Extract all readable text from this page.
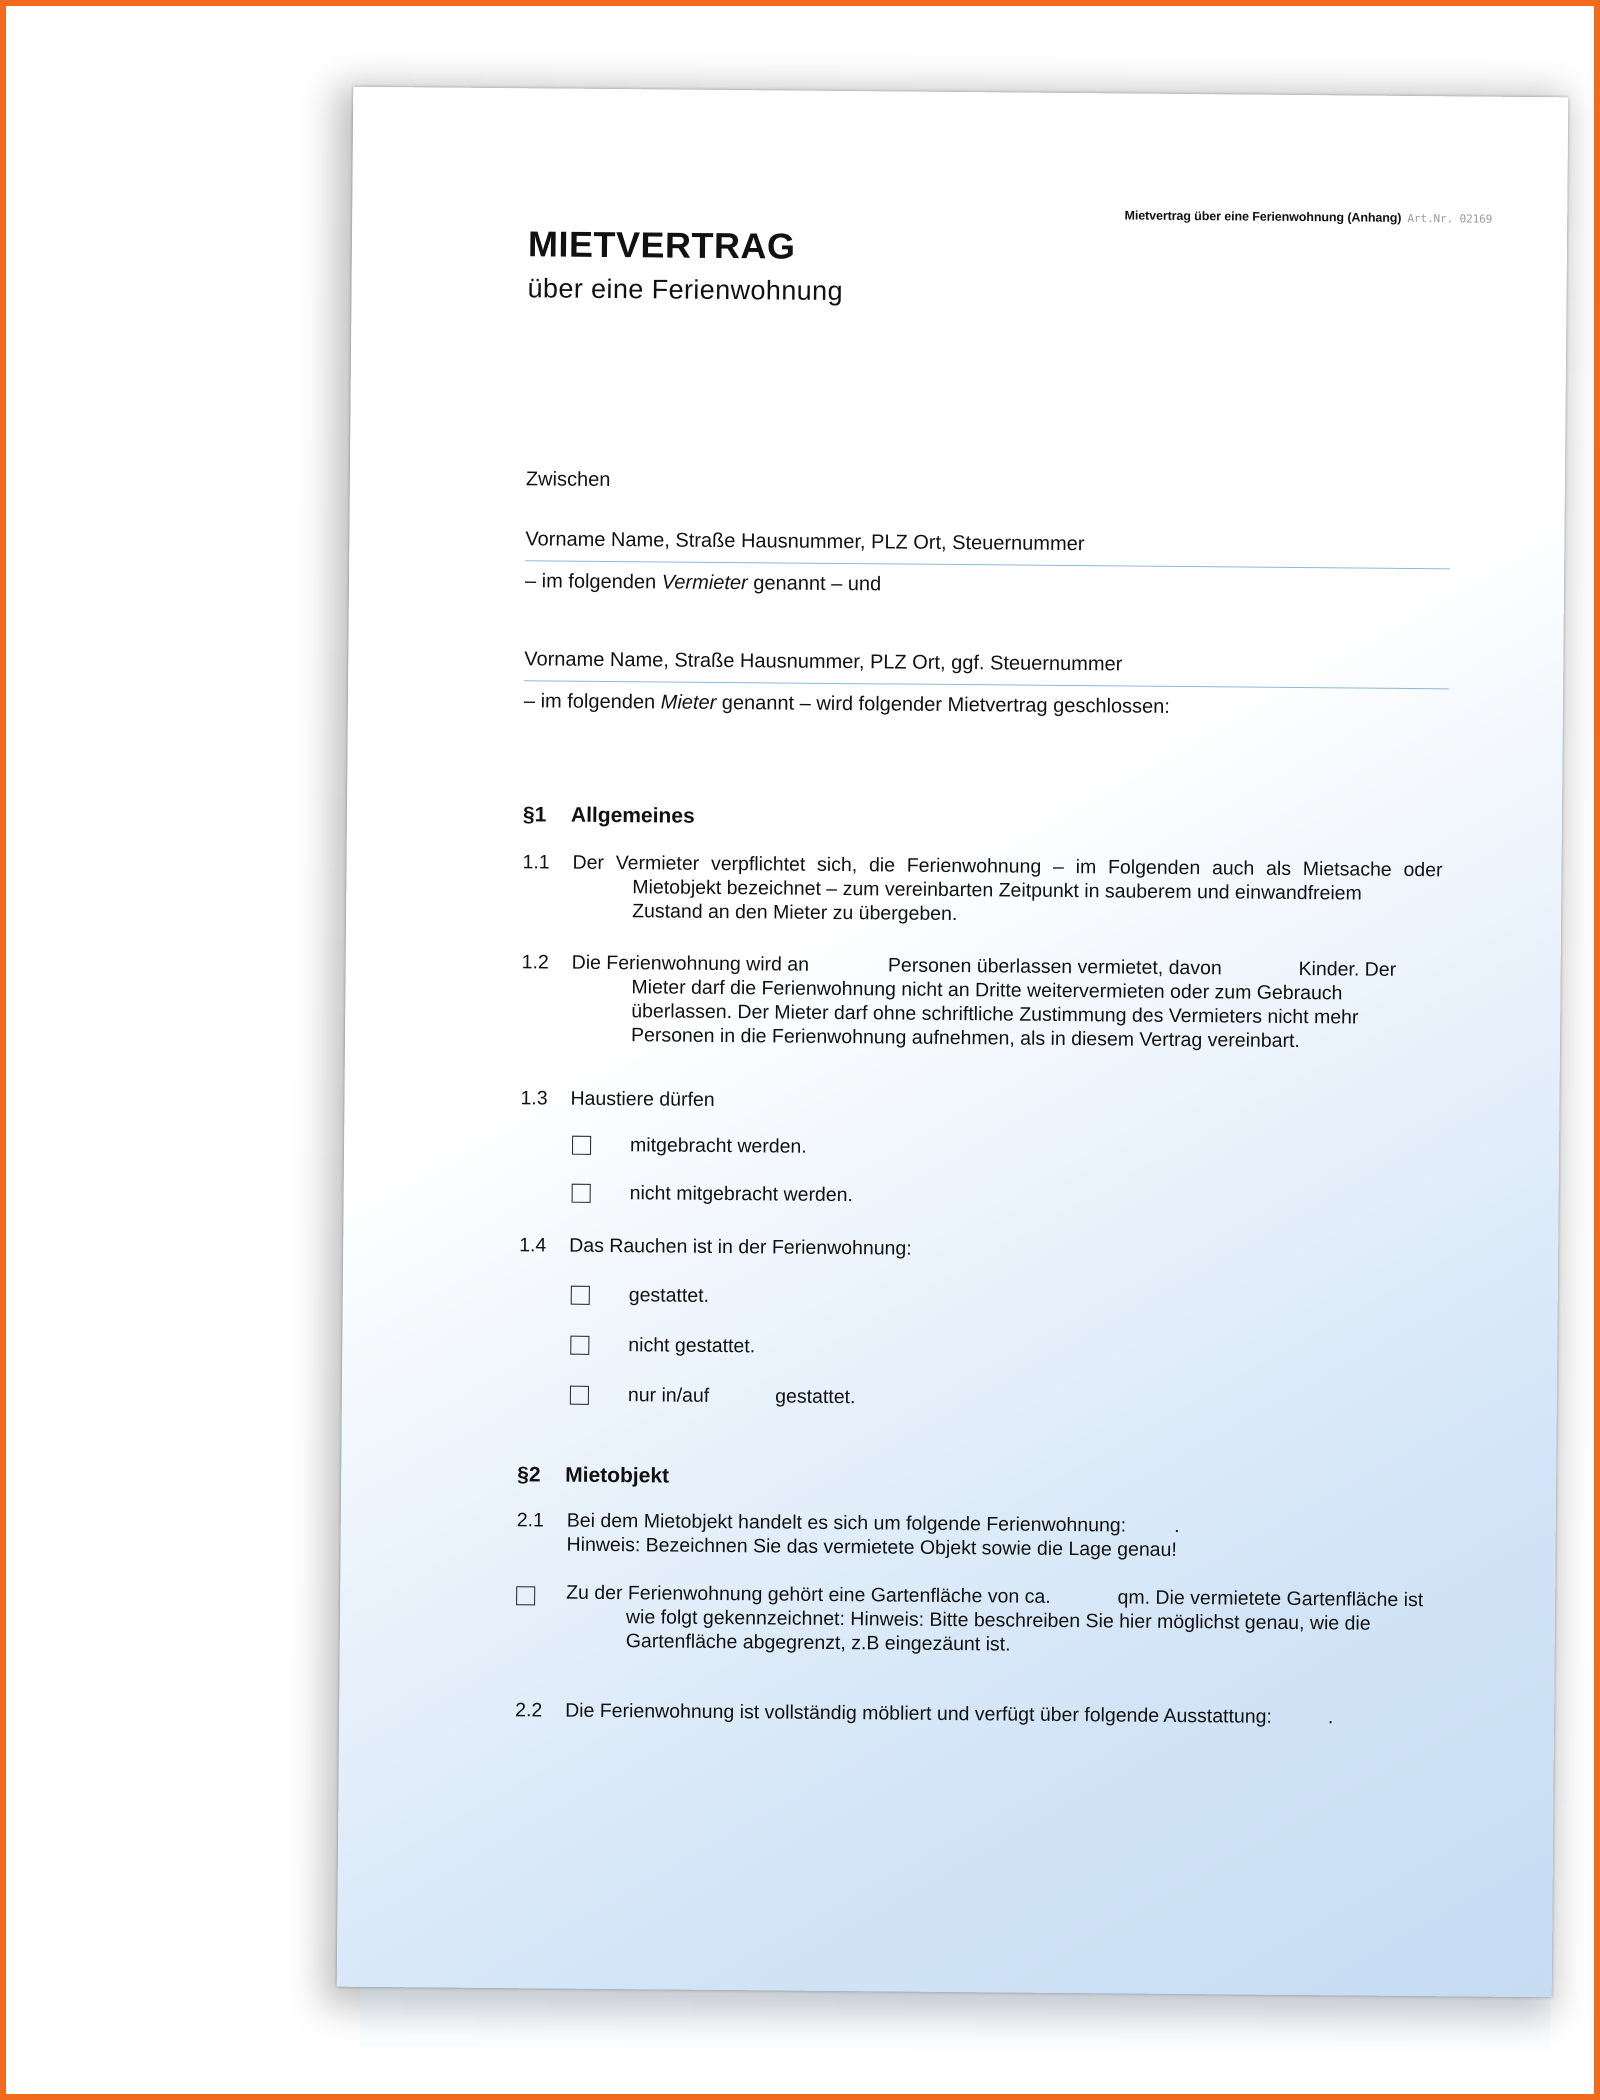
Mietvertrag über eine Ferienwohnung (Anhang) Art.Nr. 02169
MIETVERTRAG
über eine Ferienwohnung
Zwischen
Vorname Name, Straße Hausnummer, PLZ Ort, Steuernummer
– im folgenden Vermieter genannt – und
Vorname Name, Straße Hausnummer, PLZ Ort, ggf. Steuernummer
– im folgenden Mieter genannt – wird folgender Mietvertrag geschlossen:
§1 Allgemeines
1.1 Der Vermieter verpflichtet sich, die Ferienwohnung – im Folgenden auch als Mietsache oder
Mietobjekt bezeichnet – zum vereinbarten Zeitpunkt in sauberem und einwandfreiem
Zustand an den Mieter zu übergeben.
1.2 Die Ferienwohnung wird an	Personen überlassen vermietet, davon	Kinder. Der
Mieter darf die Ferienwohnung nicht an Dritte weitervermieten oder zum Gebrauch
überlassen. Der Mieter darf ohne schriftliche Zustimmung des Vermieters nicht mehr
Personen in die Ferienwohnung aufnehmen, als in diesem Vertrag vereinbart.
1.3 Haustiere dürfen
mitgebracht werden.
nicht mitgebracht werden.
1.4 Das Rauchen ist in der Ferienwohnung:
gestattet.
nicht gestattet.
nur in/auf	gestattet.
§2 Mietobjekt
2.1 Bei dem Mietobjekt handelt es sich um folgende Ferienwohnung: .
Hinweis: Bezeichnen Sie das vermietete Objekt sowie die Lage genau!
Zu der Ferienwohnung gehört eine Gartenfläche von ca.	qm. Die vermietete Gartenfläche ist
wie folgt gekennzeichnet: Hinweis: Bitte beschreiben Sie hier möglichst genau, wie die
Gartenfläche abgegrenzt, z.B eingezäunt ist.
2.2 Die Ferienwohnung ist vollständig möbliert und verfügt über folgende Ausstattung:	.
